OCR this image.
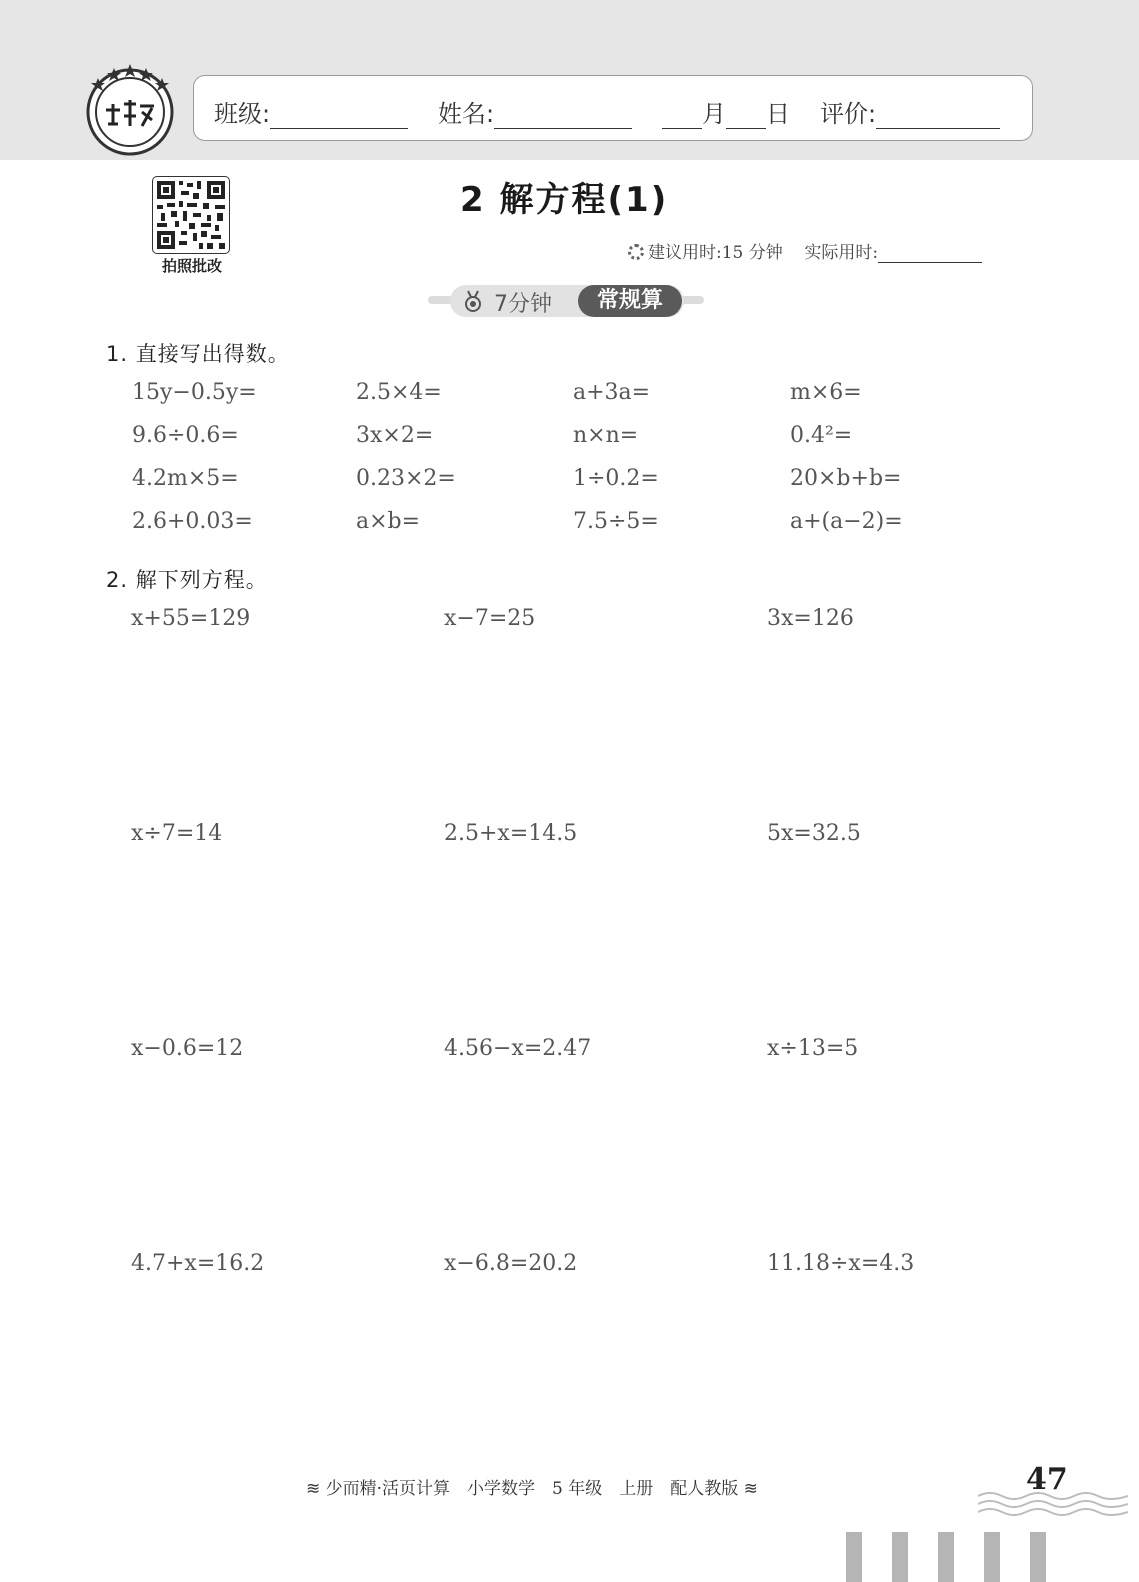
班级:	姓名:	月 日 评价:
拍照批改
2 解方程(1)
建议用时:15 分钟 实际用时:
7分钟	常规算
1. 直接写出得数。
15y−0.5y=	2.5×4=	a+3a=	m×6=
9.6÷0.6=	3x×2=	n×n=	0.4²=
4.2m×5=	0.23×2=	1÷0.2=	20×b+b=
2.6+0.03=	a×b=	7.5÷5=	a+(a−2)=
2. 解下列方程。
x+55=129	x−7=25	3x=126
x÷7=14	2.5+x=14.5	5x=32.5
x−0.6=12	4.56−x=2.47	x÷13=5
4.7+x=16.2	x−6.8=20.2	11.18÷x=4.3
≋ 少而精·活页计算　小学数学　5 年级　上册　配人教版 ≋	47
